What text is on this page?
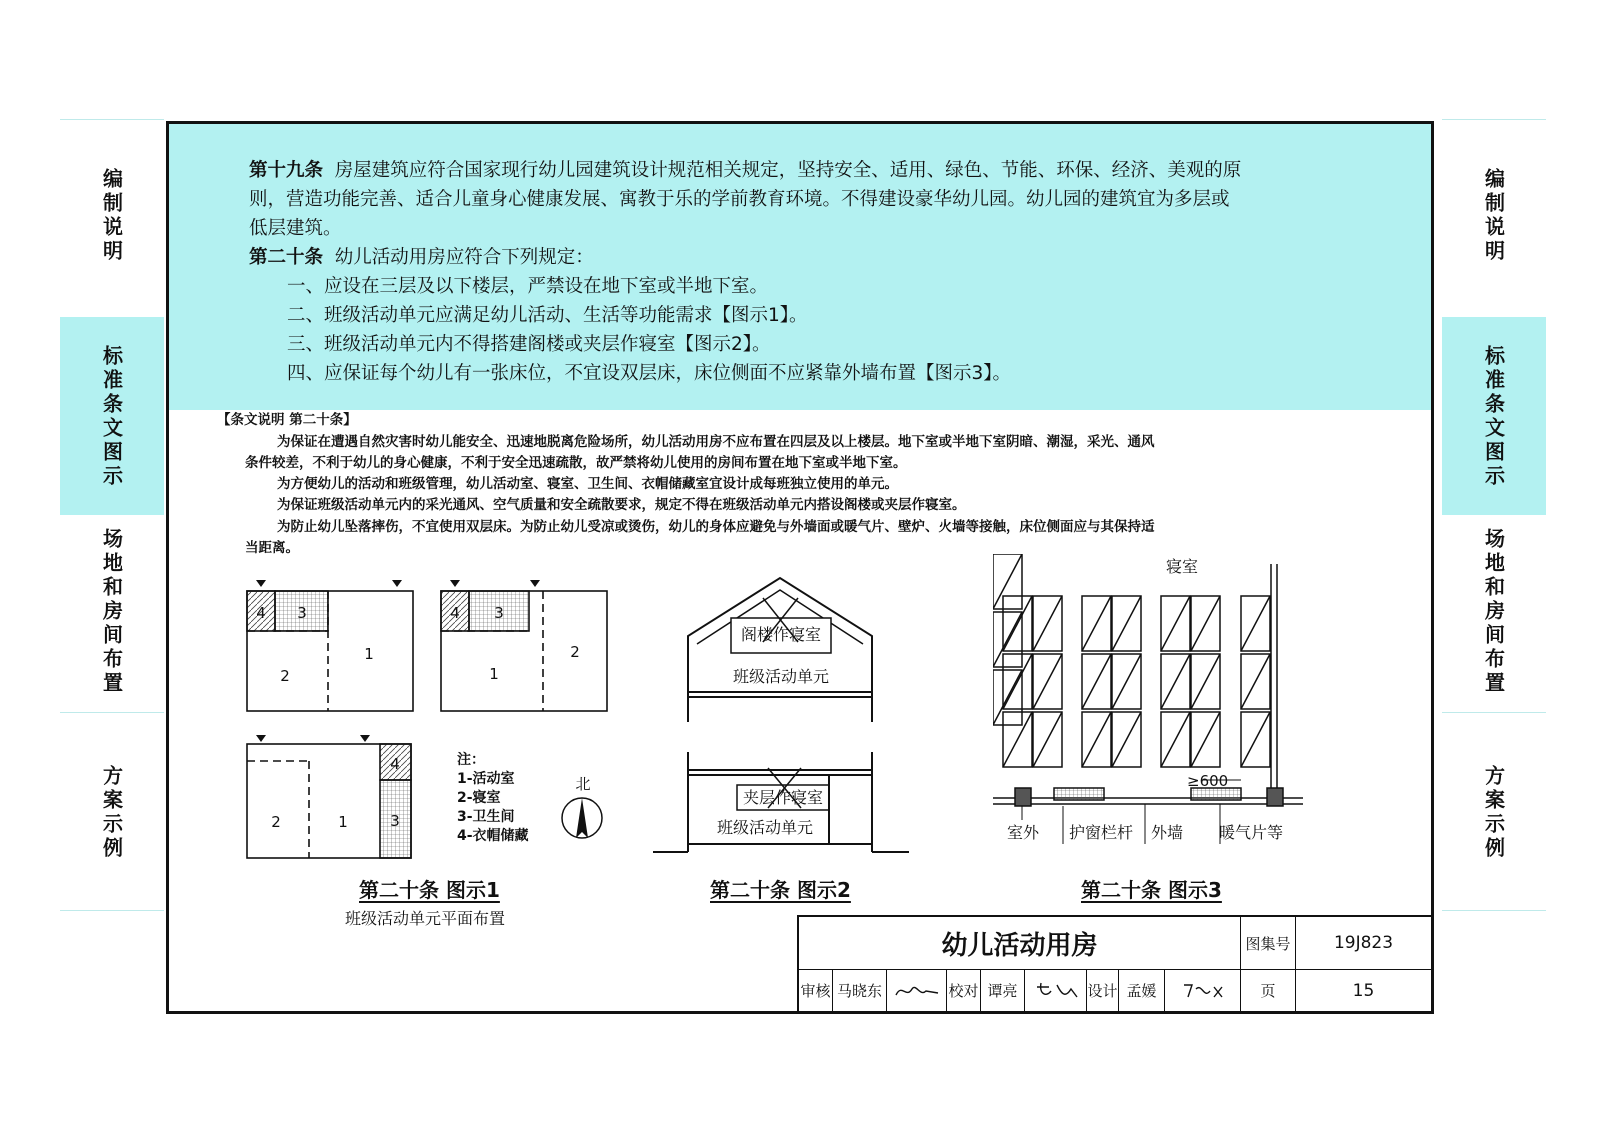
编制说明
标准条文图示
场地和房间布置
方案示例
编制说明
标准条文图示
场地和房间布置
方案示例
第十九条 房屋建筑应符合国家现行幼儿园建筑设计规范相关规定，坚持安全、适用、绿色、节能、环保、经济、美观的原
则，营造功能完善、适合儿童身心健康发展、寓教于乐的学前教育环境。不得建设豪华幼儿园。幼儿园的建筑宜为多层或
低层建筑。
第二十条 幼儿活动用房应符合下列规定：
一、应设在三层及以下楼层，严禁设在地下室或半地下室。
二、班级活动单元应满足幼儿活动、生活等功能需求【图示1】。
三、班级活动单元内不得搭建阁楼或夹层作寝室【图示2】。
四、应保证每个幼儿有一张床位，不宜设双层床，床位侧面不应紧靠外墙布置【图示3】。
【条文说明 第二十条】
为保证在遭遇自然灾害时幼儿能安全、迅速地脱离危险场所，幼儿活动用房不应布置在四层及以上楼层。地下室或半地下室阴暗、潮湿，采光、通风
条件较差，不利于幼儿的身心健康，不利于安全迅速疏散，故严禁将幼儿使用的房间布置在地下室或半地下室。
为方便幼儿的活动和班级管理，幼儿活动室、寝室、卫生间、衣帽储藏室宜设计成每班独立使用的单元。
为保证班级活动单元内的采光通风、空气质量和安全疏散要求，规定不得在班级活动单元内搭设阁楼或夹层作寝室。
为防止幼儿坠落摔伤，不宜使用双层床。为防止幼儿受凉或烫伤，幼儿的身体应避免与外墙面或暖气片、壁炉、火墙等接触，床位侧面应与其保持适
当距离。
4 3
2
1
4 3
1
2
2	1
4
3
注：
1-活动室
2-寝室
3-卫生间
4-衣帽储藏
北
第二十条 图示1
班级活动单元平面布置
阁楼作寝室
班级活动单元
夹层作寝室
班级活动单元
第二十条 图示2
寝室
≥600
室外 护窗栏杆 外墙 暖气片等
第二十条 图示3
幼儿活动用房	图集号	19J823
审核 马晓东	校对 谭亮	设计 孟媛	页	15
